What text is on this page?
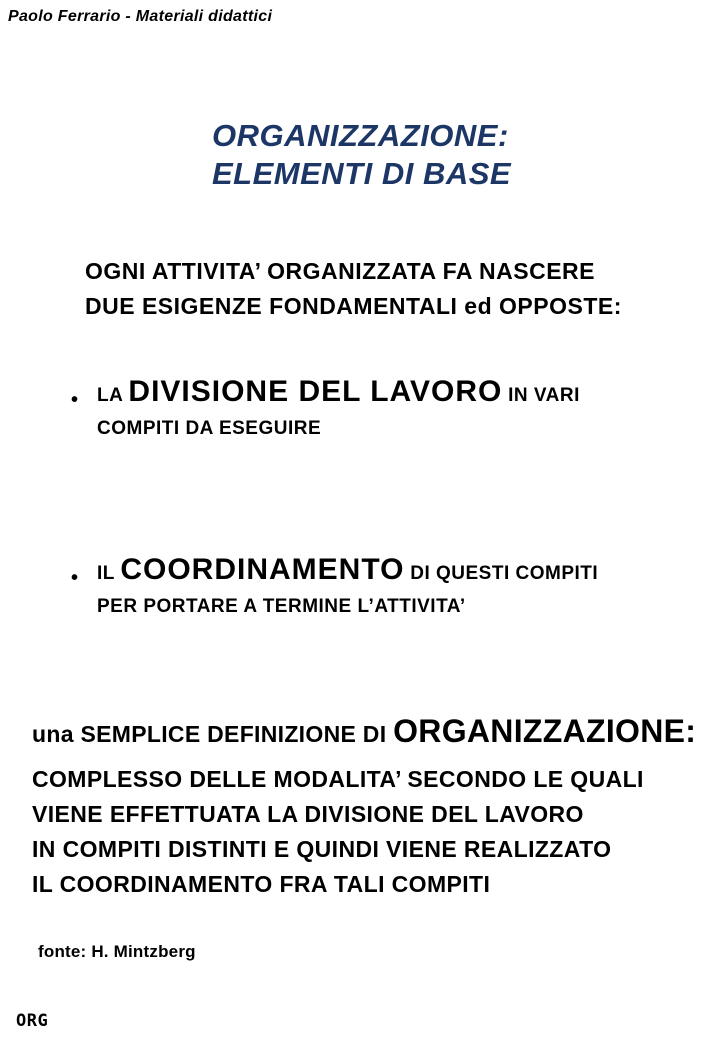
Paolo Ferrario - Materiali didattici
ORGANIZZAZIONE:
ELEMENTI DI BASE
OGNI ATTIVITA’ ORGANIZZATA FA NASCERE
DUE ESIGENZE FONDAMENTALI ed OPPOSTE:
• LA DIVISIONE DEL LAVORO IN VARI
COMPITI DA ESEGUIRE
• IL COORDINAMENTO DI QUESTI COMPITI
PER PORTARE A TERMINE L’ATTIVITA’
una SEMPLICE DEFINIZIONE DI ORGANIZZAZIONE:
COMPLESSO DELLE MODALITA’ SECONDO LE QUALI
VIENE EFFETTUATA LA DIVISIONE DEL LAVORO
IN COMPITI DISTINTI E QUINDI VIENE REALIZZATO
IL COORDINAMENTO FRA TALI COMPITI
fonte: H. Mintzberg
ORG
